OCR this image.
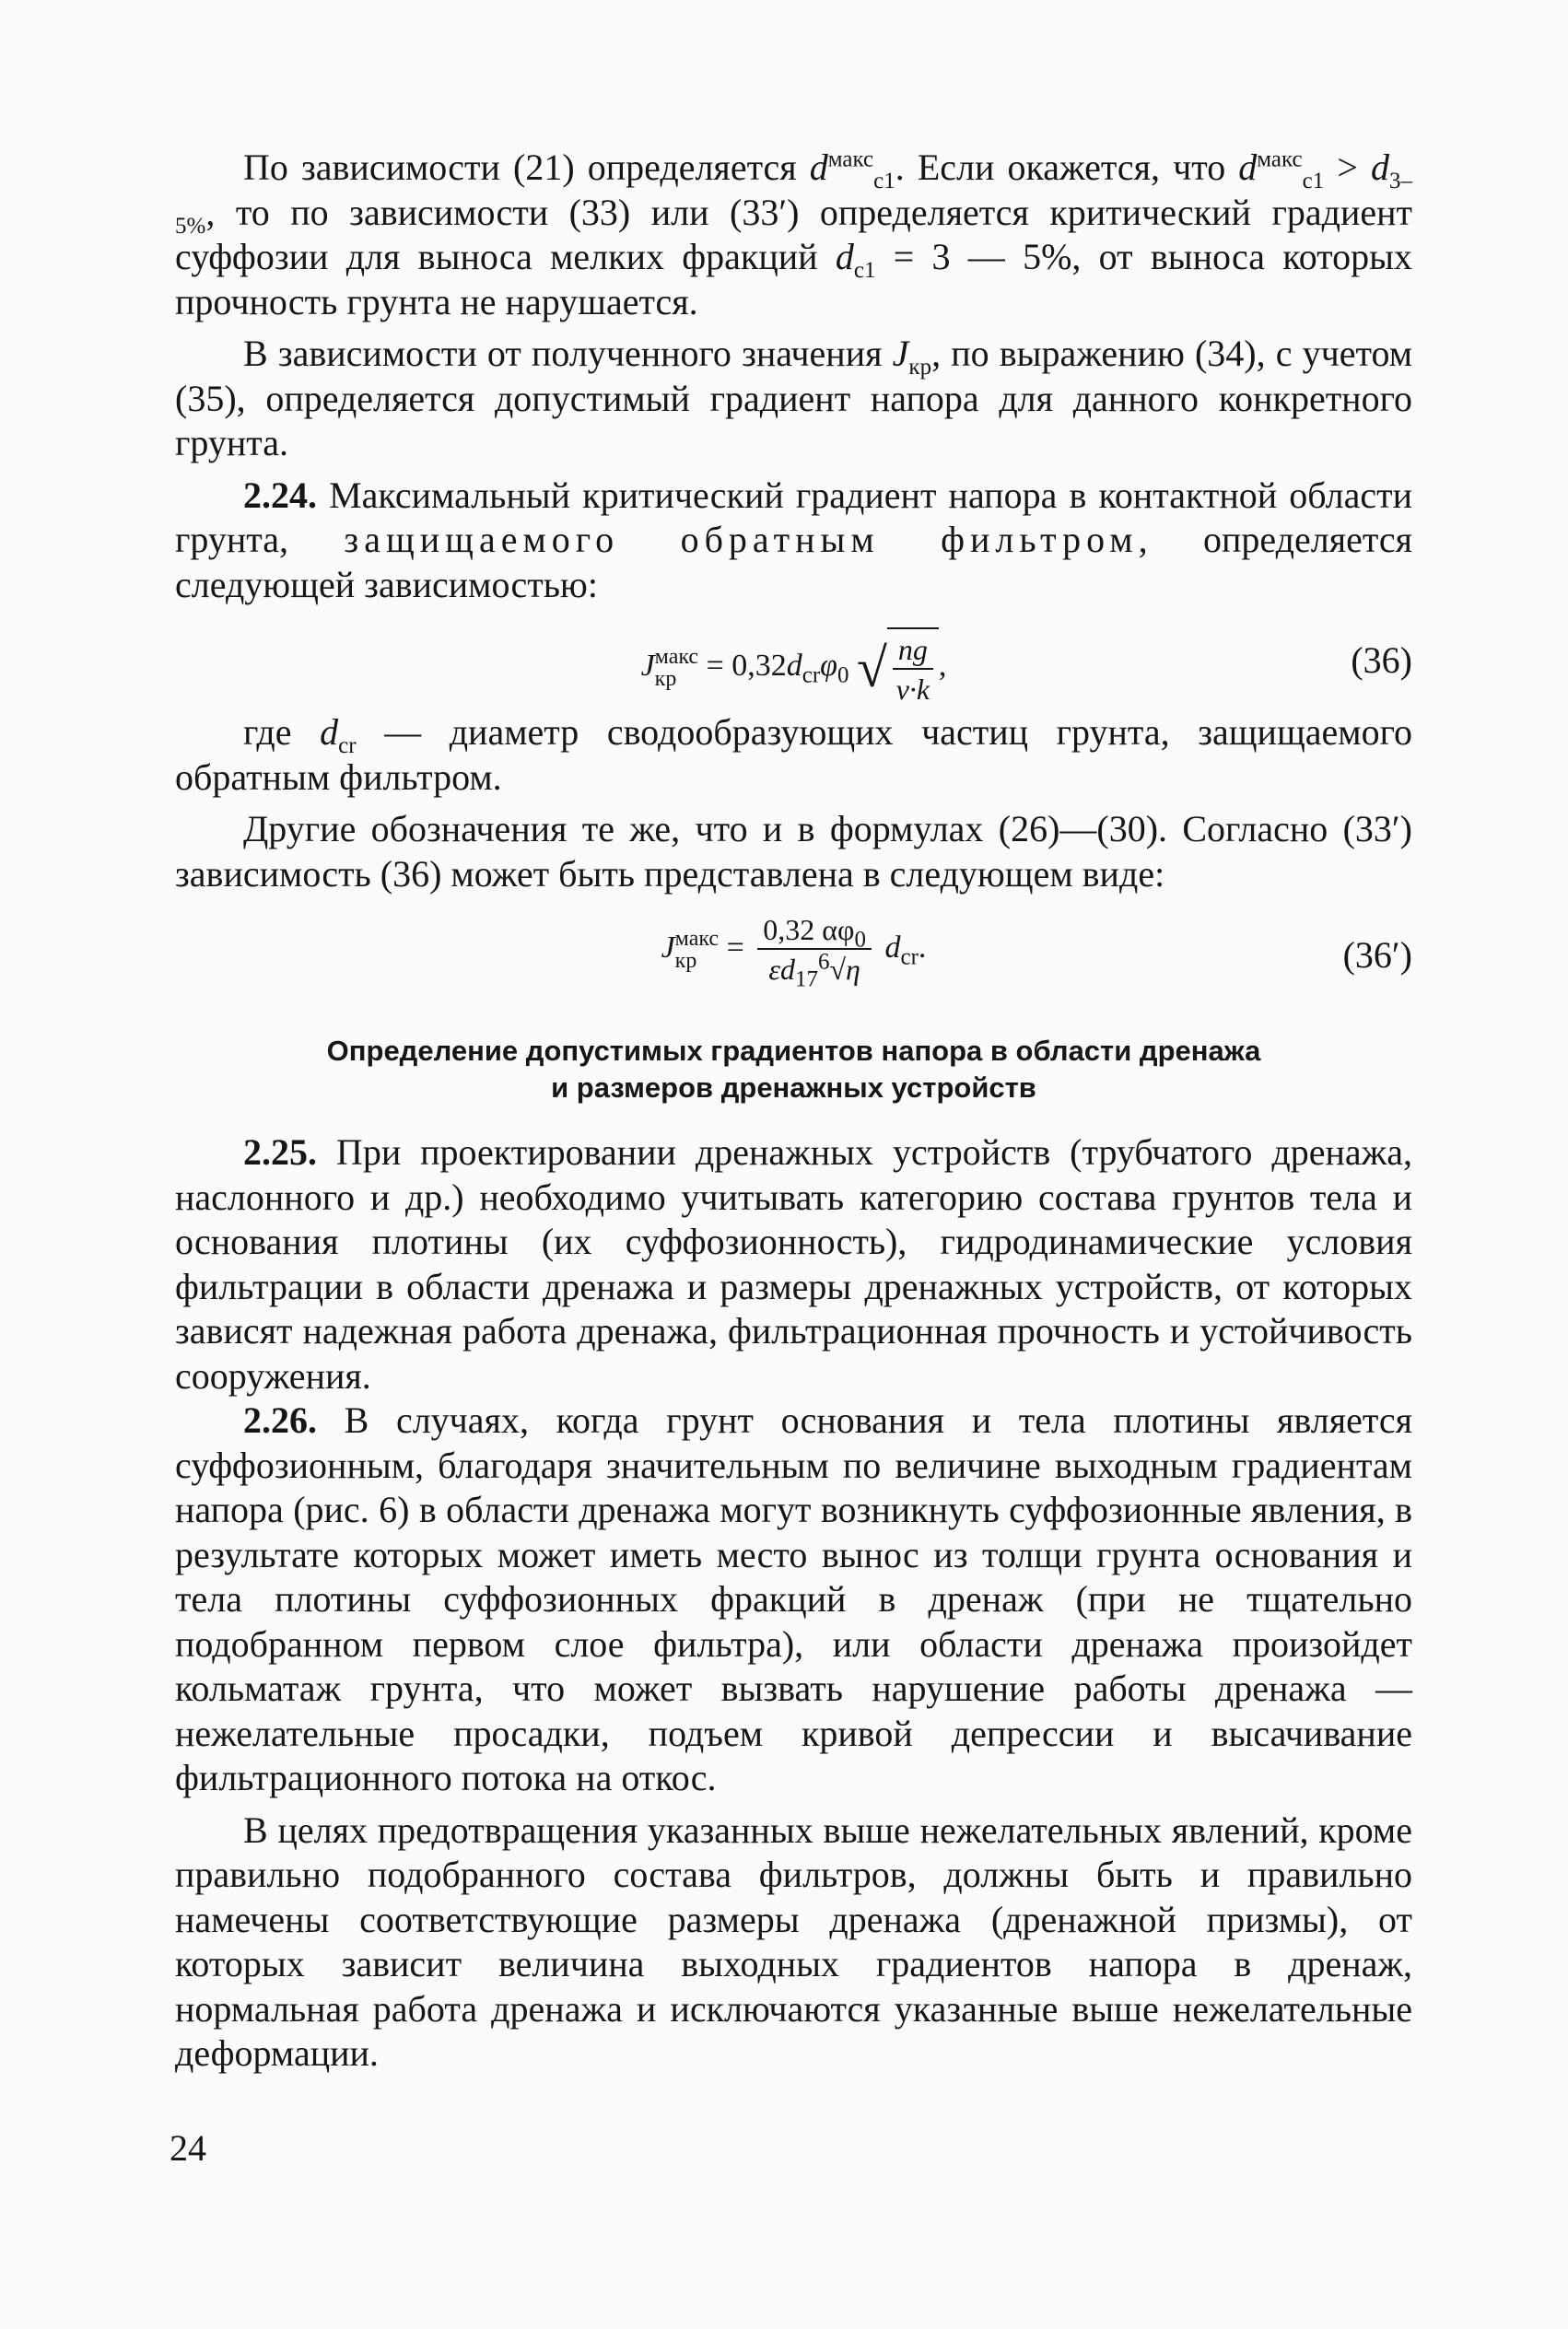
По зависимости (21) определяется $d^{макс}_{c1}$. Если окажется, что $d^{макс}_{c1} > d_{3-5\%}$, то по зависимости (33) или (33′) определяется критический градиент суффозии для выноса мелких фракций $d_{c1} = 3$ — 5%, от выноса которых прочность грунта не нарушается.

В зависимости от полученного значения $J_{кр}$, по выражению (34), с учетом (35), определяется допустимый градиент напора для данного конкретного грунта.

2.24. Максимальный критический градиент напора в контактной области грунта, защищаемого обратным фильтром, определяется следующей зависимостью:

J макс
кр = $0,32d_{cr}\varphi_0$ √ $\frac{ng}{\nu\cdot k}$ ,	(36)

где $d_{cr}$ — диаметр сводообразующих частиц грунта, защищаемого обратным фильтром.

Другие обозначения те же, что и в формулах (26)—(30). Согласно (33′) зависимость (36) может быть представлена в следующем виде:

J макс
кр = $\frac{0,32 \alpha\varphi_0}{\varepsilon d_{17}^6√\eta} d_{cr}$.	(36′)
Определение допустимых градиентов напора в области дренажа
и размеров дренажных устройств

2.25. При проектировании дренажных устройств (трубчатого дренажа, наслонного и др.) необходимо учитывать категорию состава грунтов тела и основания плотины (их суффозионность), гидродинамические условия фильтрации в области дренажа и размеры дренажных устройств, от которых зависят надежная работа дренажа, фильтрационная прочность и устойчивость сооружения.

2.26. В случаях, когда грунт основания и тела плотины является суффозионным, благодаря значительным по величине выходным градиентам напора (рис. 6) в области дренажа могут возникнуть суффозионные явления, в результате которых может иметь место вынос из толщи грунта основания и тела плотины суффозионных фракций в дренаж (при не тщательно подобранном первом слое фильтра), или области дренажа произойдет кольматаж грунта, что может вызвать нарушение работы дренажа — нежелательные просадки, подъем кривой депрессии и высачивание фильтрационного потока на откос.

В целях предотвращения указанных выше нежелательных явлений, кроме правильно подобранного состава фильтров, должны быть и правильно намечены соответствующие размеры дренажа (дренажной призмы), от которых зависит величина выходных градиентов напора в дренаж, нормальная работа дренажа и исключаются указанные выше нежелательные деформации.

24
